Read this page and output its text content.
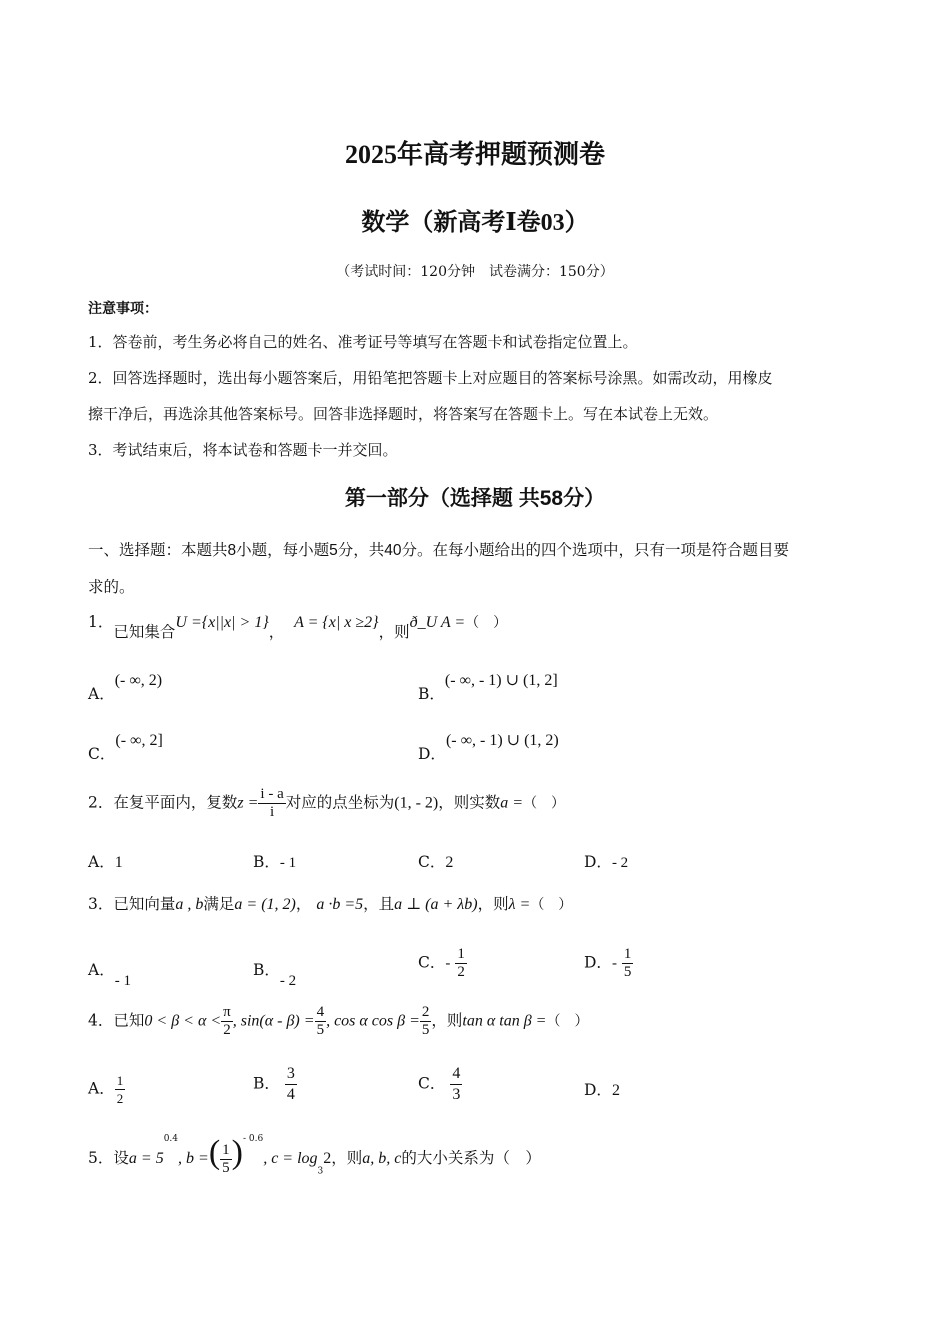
2025年高考押题预测卷
数学（新高考Ⅰ卷03）
（考试时间：120分钟　试卷满分：150分）
注意事项：
1．答卷前，考生务必将自己的姓名、准考证号等填写在答题卡和试卷指定位置上。
2．回答选择题时，选出每小题答案后，用铅笔把答题卡上对应题目的答案标号涂黑。如需改动，用橡皮
擦干净后，再选涂其他答案标号。回答非选择题时，将答案写在答题卡上。写在本试卷上无效。
3．考试结束后，将本试卷和答题卡一并交回。
第一部分（选择题 共58分）
一、选择题：本题共8小题，每小题5分，共40分。在每小题给出的四个选项中，只有一项是符合题目要
求的。
1．已知集合U ={x||x| > 1}，  A = {x| x ≥2}，则ð_U A =（　）
A．(- ∞, 2)
B．(- ∞, - 1) ∪ (1, 2]
C．(- ∞, 2]
D．(- ∞, - 1) ∪ (1, 2)
2．在复平面内，复数$z = \frac{i - a}{i}$ 对应的点坐标为(1, - 2)，则实数a =（　）
A．1	B．- 1	C．2	D．- 2
3．已知向量a , b满足a = (1, 2)， a ·b =5，且a ⊥ (a + λb)，则λ =（　）
A．- 1
B．- 2
C．- $\frac{1}{2}$	D．- $\frac{1}{5}$
4．已知$0 < \beta < \alpha < \frac{\pi}{2}$ , $\sin(\alpha - \beta) = \frac{4}{5}$ , cos α $\cos \beta = \frac{2}{5}$ ，则tan α tan β =（　）
A． $\frac{1}{2}$	B． $\frac{3}{4}$	C． $\frac{4}{3}$	D．2
5．设$a = 5^{0.4}$, b =( $\frac{1}{5} )^{- 0.6}$, c = log32，则a, b, c的大小关系为（　）
